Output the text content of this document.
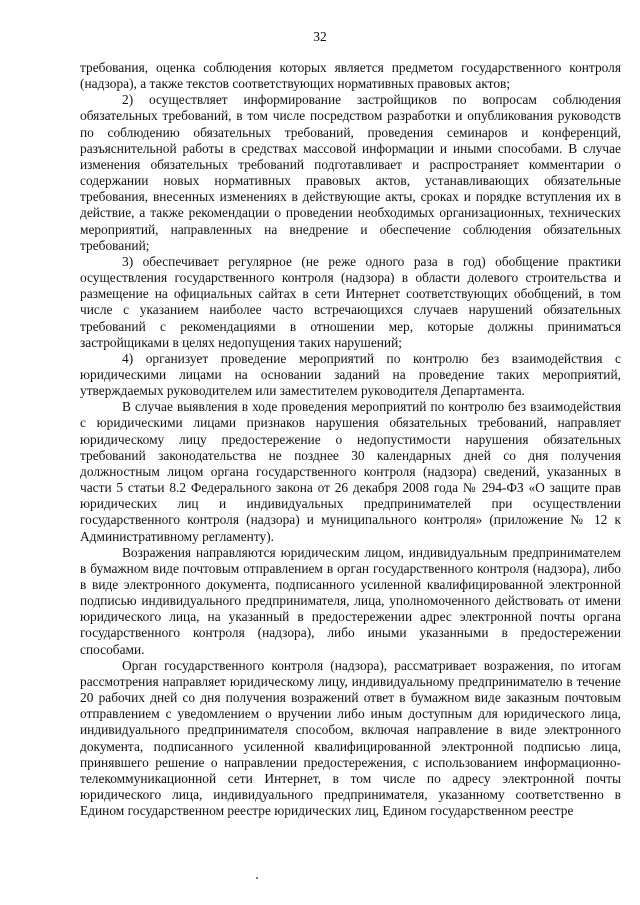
32

требования, оценка соблюдения которых является предметом государственного контроля (надзора), а также текстов соответствующих нормативных правовых актов;

2) осуществляет информирование застройщиков по вопросам соблюдения обязательных требований, в том числе посредством разработки и опубликования руководств по соблюдению обязательных требований, проведения семинаров и конференций, разъяснительной работы в средствах массовой информации и иными способами. В случае изменения обязательных требований подготавливает и распространяет комментарии о содержании новых нормативных правовых актов, устанавливающих обязательные требования, внесенных изменениях в действующие акты, сроках и порядке вступления их в действие, а также рекомендации о проведении необходимых организационных, технических мероприятий, направленных на внедрение и обеспечение соблюдения обязательных требований;

3) обеспечивает регулярное (не реже одного раза в год) обобщение практики осуществления государственного контроля (надзора) в области долевого строительства и размещение на официальных сайтах в сети Интернет соответствующих обобщений, в том числе с указанием наиболее часто встречающихся случаев нарушений обязательных требований с рекомендациями в отношении мер, которые должны приниматься застройщиками в целях недопущения таких нарушений;

4) организует проведение мероприятий по контролю без взаимодействия с юридическими лицами на основании заданий на проведение таких мероприятий, утверждаемых руководителем или заместителем руководителя Департамента.

В случае выявления в ходе проведения мероприятий по контролю без взаимодействия с юридическими лицами признаков нарушения обязательных требований, направляет юридическому лицу предостережение о недопустимости нарушения обязательных требований законодательства не позднее 30 календарных дней со дня получения должностным лицом органа государственного контроля (надзора) сведений, указанных в части 5 статьи 8.2 Федерального закона от 26 декабря 2008 года № 294-ФЗ «О защите прав юридических лиц и индивидуальных предпринимателей при осуществлении государственного контроля (надзора) и муниципального контроля» (приложение № 12 к Административному регламенту).

Возражения направляются юридическим лицом, индивидуальным предпринимателем в бумажном виде почтовым отправлением в орган государственного контроля (надзора), либо в виде электронного документа, подписанного усиленной квалифицированной электронной подписью индивидуального предпринимателя, лица, уполномоченного действовать от имени юридического лица, на указанный в предостережении адрес электронной почты органа государственного контроля (надзора), либо иными указанными в предостережении способами.

Орган государственного контроля (надзора), рассматривает возражения, по итогам рассмотрения направляет юридическому лицу, индивидуальному предпринимателю в течение 20 рабочих дней со дня получения возражений ответ в бумажном виде заказным почтовым отправлением с уведомлением о вручении либо иным доступным для юридического лица, индивидуального предпринимателя способом, включая направление в виде электронного документа, подписанного усиленной квалифицированной электронной подписью лица, принявшего решение о направлении предостережения, с использованием информационно-телекоммуникационной сети Интернет, в том числе по адресу электронной почты юридического лица, индивидуального предпринимателя, указанному соответственно в Едином государственном реестре юридических лиц, Едином государственном реестре
